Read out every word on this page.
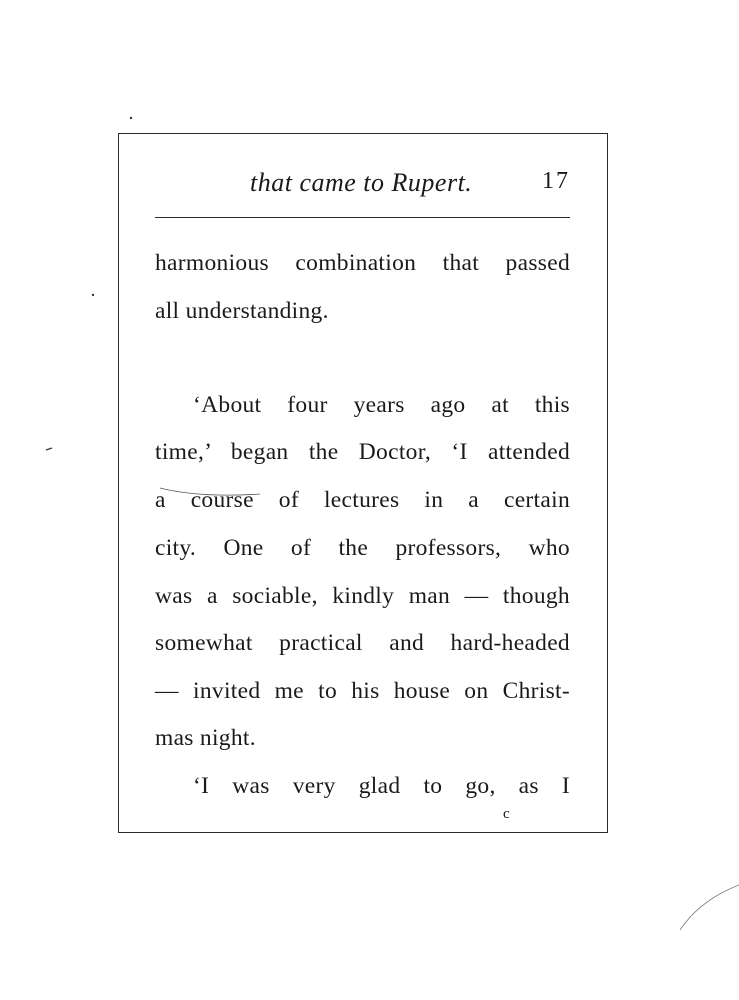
that came to Rupert.	17
harmonious combination that passed
all understanding.
‘About four years ago at this
time,’ began the Doctor, ‘I attended
a course of lectures in a certain
city. One of the professors, who
was a sociable, kindly man — though
somewhat practical and hard-headed
— invited me to his house on Christ-
mas night.
‘I was very glad to go, as I
c
